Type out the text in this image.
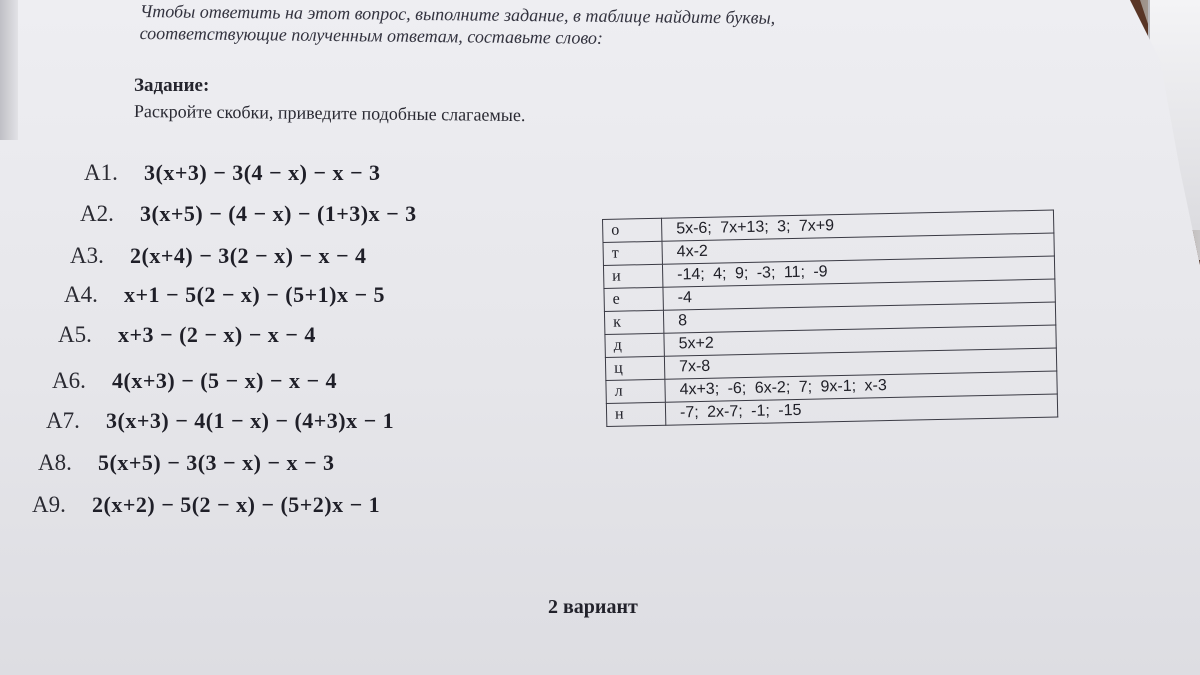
Чтобы ответить на этот вопрос, выполните задание, в таблице найдите буквы,
соответствующие полученным ответам, составьте слово:
Задание:
Раскройте скобки, приведите подобные слагаемые.
А1.	3(x+3) − 3(4 − x) − x − 3
А2.	3(x+5) − (4 − x) − (1+3)x − 3
А3.	2(x+4) − 3(2 − x) − x − 4
А4.	x+1 − 5(2 − x) − (5+1)x − 5
А5.	x+3 − (2 − x) − x − 4
А6.	4(x+3) − (5 − x) − x − 4
А7.	3(x+3) − 4(1 − x) − (4+3)x − 1
А8.	5(x+5) − 3(3 − x) − x − 3
А9.	2(x+2) − 5(2 − x) − (5+2)x − 1
о	5x-6; 7x+13; 3; 7x+9
т	4x-2
и	-14; 4; 9; -3; 11; -9
е	-4
к	8
д	5x+2
ц	7x-8
л	4x+3; -6; 6x-2; 7; 9x-1; x-3
н	-7; 2x-7; -1; -15
2 вариант
